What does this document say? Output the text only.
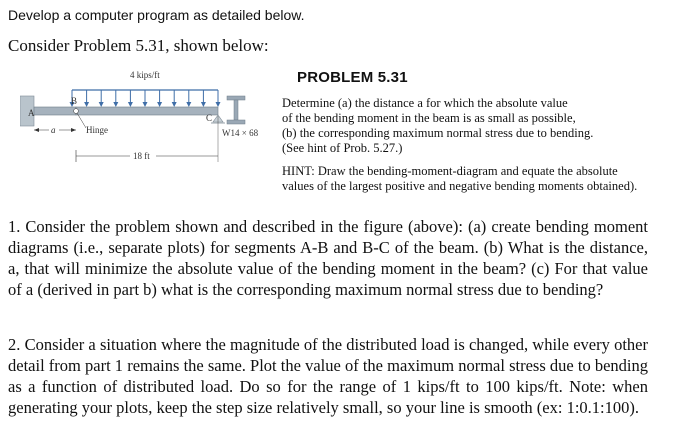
Develop a computer program as detailed below.
Consider Problem 5.31, shown below:
4 kips/ft
A
B
C
a	Hinge
18 ft
W14 × 68
PROBLEM 5.31
Determine (a) the distance a for which the absolute value
of the bending moment in the beam is as small as possible,
(b) the corresponding maximum normal stress due to bending.
(See hint of Prob. 5.27.)
HINT: Draw the bending-moment-diagram and equate the absolute
values of the largest positive and negative bending moments obtained).
1. Consider the problem shown and described in the figure (above): (a) create bending moment diagrams (i.e., separate plots) for segments A-B and B-C of the beam. (b) What is the distance, a, that will minimize the absolute value of the bending moment in the beam? (c) For that value of a (derived in part b) what is the corresponding maximum normal stress due to bending?
2. Consider a situation where the magnitude of the distributed load is changed, while every other detail from part 1 remains the same. Plot the value of the maximum normal stress due to bending as a function of distributed load. Do so for the range of 1 kips/ft to 100 kips/ft. Note: when generating your plots, keep the step size relatively small, so your line is smooth (ex: 1:0.1:100).
